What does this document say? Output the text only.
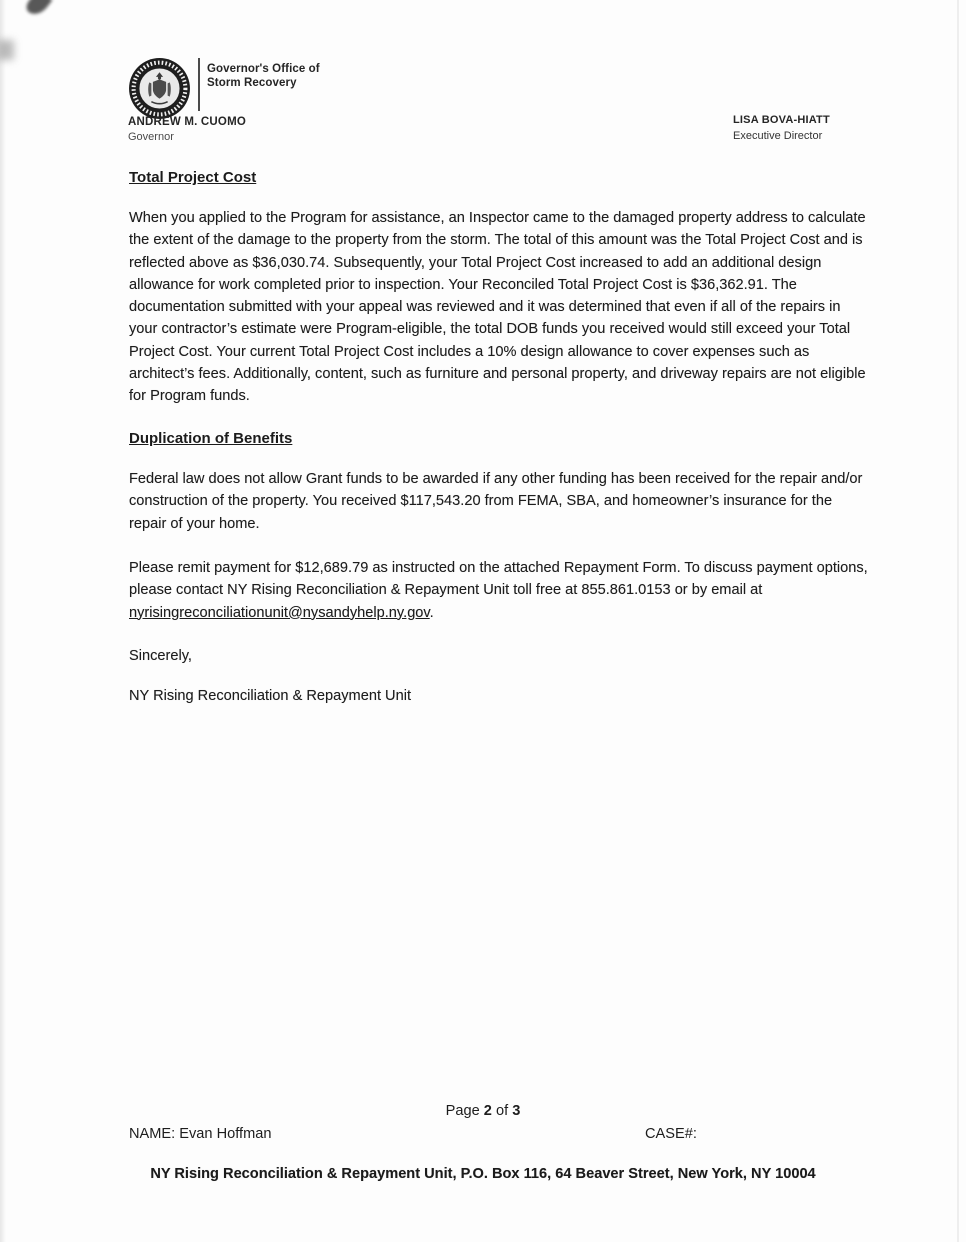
Governor's Office of
Storm Recovery
ANDREW M. CUOMO
Governor
LISA BOVA-HIATT
Executive Director
Total Project Cost
When you applied to the Program for assistance, an Inspector came to the damaged property address to calculate the extent of the damage to the property from the storm. The total of this amount was the Total Project Cost and is reflected above as $36,030.74. Subsequently, your Total Project Cost increased to add an additional design allowance for work completed prior to inspection. Your Reconciled Total Project Cost is $36,362.91. The documentation submitted with your appeal was reviewed and it was determined that even if all of the repairs in your contractor’s estimate were Program-eligible, the total DOB funds you received would still exceed your Total Project Cost. Your current Total Project Cost includes a 10% design allowance to cover expenses such as architect’s fees. Additionally, content, such as furniture and personal property, and driveway repairs are not eligible for Program funds.
Duplication of Benefits
Federal law does not allow Grant funds to be awarded if any other funding has been received for the repair and/or construction of the property. You received $117,543.20 from FEMA, SBA, and homeowner’s insurance for the repair of your home.
Please remit payment for $12,689.79 as instructed on the attached Repayment Form. To discuss payment options, please contact NY Rising Reconciliation & Repayment Unit toll free at 855.861.0153 or by email at nyrisingreconciliationunit@nysandyhelp.ny.gov.
Sincerely,
NY Rising Reconciliation & Repayment Unit
Page 2 of 3
NAME: Evan Hoffman	CASE#:
NY Rising Reconciliation & Repayment Unit, P.O. Box 116, 64 Beaver Street, New York, NY 10004
